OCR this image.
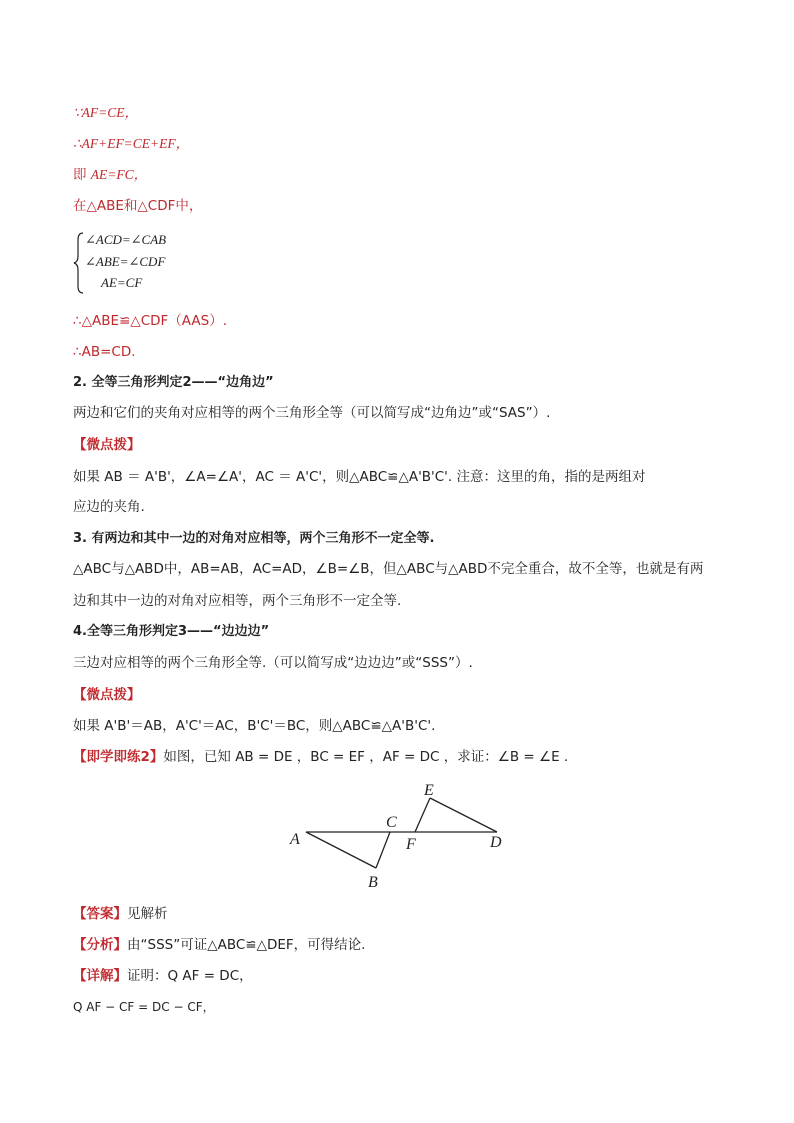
∵AF=CE，
∴AF+EF=CE+EF，
即 AE=FC，
在△ABE和△CDF中，
∠ACD=∠CAB
∠ABE=∠CDF
AE=CF
∴△ABE≌△CDF（AAS）.
∴AB=CD.
2. 全等三角形判定2——“边角边”
两边和它们的夹角对应相等的两个三角形全等（可以简写成“边角边”或“SAS”）.
【微点拨】
如果 AB ＝ A'B'，∠A=∠A'，AC ＝ A'C'，则△ABC≌△A'B'C'. 注意：这里的角，指的是两组对
应边的夹角.
3. 有两边和其中一边的对角对应相等，两个三角形不一定全等.
△ABC与△ABD中，AB=AB，AC=AD，∠B=∠B，但△ABC与△ABD不完全重合，故不全等，也就是有两
边和其中一边的对角对应相等，两个三角形不一定全等.
4.全等三角形判定3——“边边边”
三边对应相等的两个三角形全等.（可以简写成“边边边”或“SSS”）.
【微点拨】
如果 A'B'＝AB，A'C'＝AC，B'C'＝BC，则△ABC≌△A'B'C'.
【即学即练2】如图，已知 AB = DE ，BC = EF ，AF = DC ，求证：∠B = ∠E .
A
B
C
D
E
F
【答案】见解析
【分析】由“SSS”可证△ABC≌△DEF，可得结论.
【详解】证明：Q AF = DC，
Q AF − CF = DC − CF，
